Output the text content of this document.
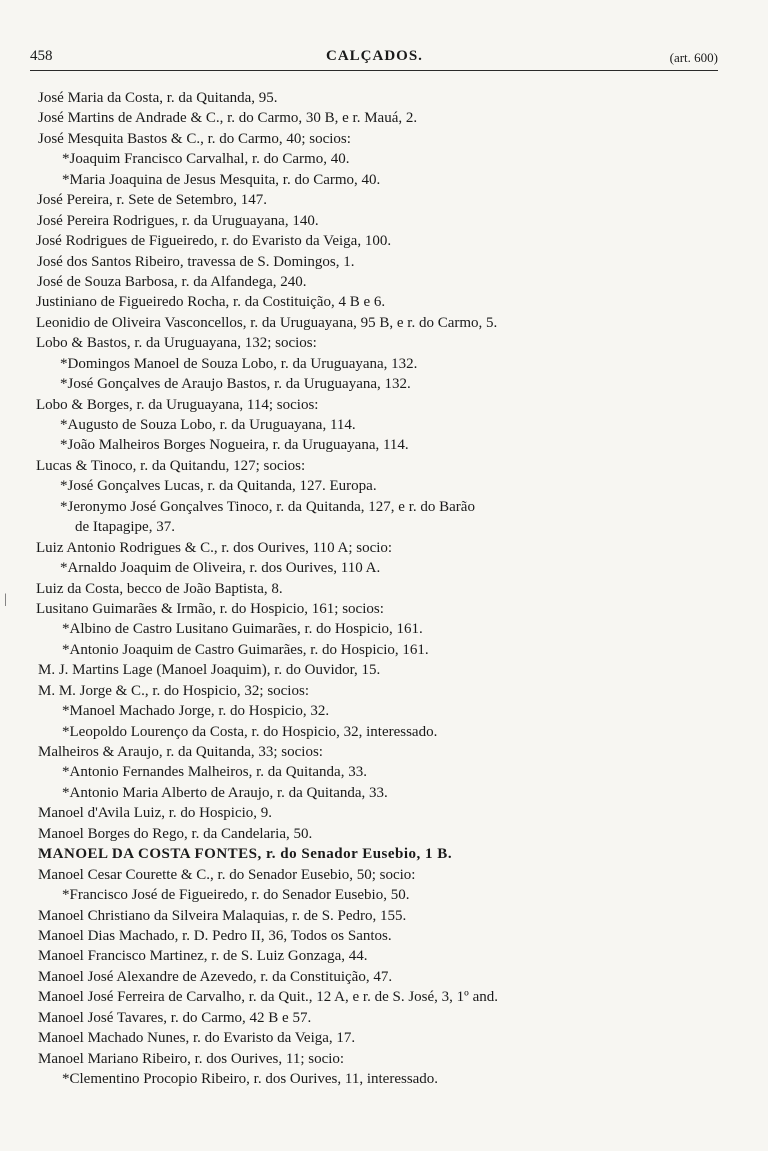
458	CALÇADOS.	(art. 600)
|
José Maria da Costa, r. da Quitanda, 95.
José Martins de Andrade & C., r. do Carmo, 30 B, e r. Mauá, 2.
José Mesquita Bastos & C., r. do Carmo, 40; socios:
*Joaquim Francisco Carvalhal, r. do Carmo, 40.
*Maria Joaquina de Jesus Mesquita, r. do Carmo, 40.
José Pereira, r. Sete de Setembro, 147.
José Pereira Rodrigues, r. da Uruguayana, 140.
José Rodrigues de Figueiredo, r. do Evaristo da Veiga, 100.
José dos Santos Ribeiro, travessa de S. Domingos, 1.
José de Souza Barbosa, r. da Alfandega, 240.
Justiniano de Figueiredo Rocha, r. da Costituição, 4 B e 6.
Leonidio de Oliveira Vasconcellos, r. da Uruguayana, 95 B, e r. do Carmo, 5.
Lobo & Bastos, r. da Uruguayana, 132; socios:
*Domingos Manoel de Souza Lobo, r. da Uruguayana, 132.
*José Gonçalves de Araujo Bastos, r. da Uruguayana, 132.
Lobo & Borges, r. da Uruguayana, 114; socios:
*Augusto de Souza Lobo, r. da Uruguayana, 114.
*João Malheiros Borges Nogueira, r. da Uruguayana, 114.
Lucas & Tinoco, r. da Quitandu, 127; socios:
*José Gonçalves Lucas, r. da Quitanda, 127. Europa.
*Jeronymo José Gonçalves Tinoco, r. da Quitanda, 127, e r. do Barão
de Itapagipe, 37.
Luiz Antonio Rodrigues & C., r. dos Ourives, 110 A; socio:
*Arnaldo Joaquim de Oliveira, r. dos Ourives, 110 A.
Luiz da Costa, becco de João Baptista, 8.
Lusitano Guimarães & Irmão, r. do Hospicio, 161; socios:
*Albino de Castro Lusitano Guimarães, r. do Hospicio, 161.
*Antonio Joaquim de Castro Guimarães, r. do Hospicio, 161.
M. J. Martins Lage (Manoel Joaquim), r. do Ouvidor, 15.
M. M. Jorge & C., r. do Hospicio, 32; socios:
*Manoel Machado Jorge, r. do Hospicio, 32.
*Leopoldo Lourenço da Costa, r. do Hospicio, 32, interessado.
Malheiros & Araujo, r. da Quitanda, 33; socios:
*Antonio Fernandes Malheiros, r. da Quitanda, 33.
*Antonio Maria Alberto de Araujo, r. da Quitanda, 33.
Manoel d'Avila Luiz, r. do Hospicio, 9.
Manoel Borges do Rego, r. da Candelaria, 50.
MANOEL DA COSTA FONTES, r. do Senador Eusebio, 1 B.
Manoel Cesar Courette & C., r. do Senador Eusebio, 50; socio:
*Francisco José de Figueiredo, r. do Senador Eusebio, 50.
Manoel Christiano da Silveira Malaquias, r. de S. Pedro, 155.
Manoel Dias Machado, r. D. Pedro II, 36, Todos os Santos.
Manoel Francisco Martinez, r. de S. Luiz Gonzaga, 44.
Manoel José Alexandre de Azevedo, r. da Constituição, 47.
Manoel José Ferreira de Carvalho, r. da Quit., 12 A, e r. de S. José, 3, 1º and.
Manoel José Tavares, r. do Carmo, 42 B e 57.
Manoel Machado Nunes, r. do Evaristo da Veiga, 17.
Manoel Mariano Ribeiro, r. dos Ourives, 11; socio:
*Clementino Procopio Ribeiro, r. dos Ourives, 11, interessado.
